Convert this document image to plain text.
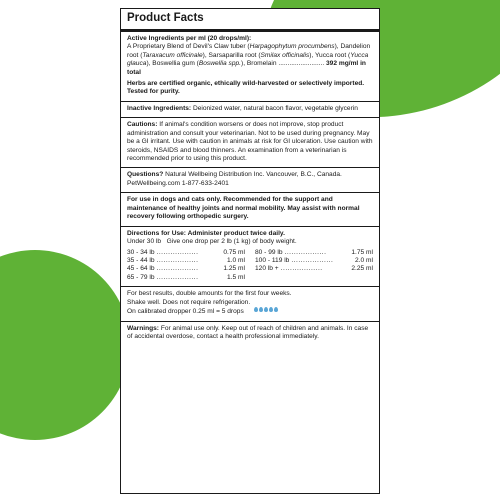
Product Facts
Active Ingredients per ml (20 drops/ml):

A Proprietary Blend of Devil's Claw tuber (Harpagophytum procumbens), Dandelion root (Taraxacum officinale), Sarsaparilla root (Smilax officinalis), Yucca root (Yucca glauca), Boswellia gum (Boswellia spp.), Bromelain ......................... 392 mg/ml in total

Herbs are certified organic, ethically wild-harvested or selectively imported. Tested for purity.

Inactive Ingredients: Deionized water, natural bacon flavor, vegetable glycerin

Cautions: If animal's condition worsens or does not improve, stop product administration and consult your veterinarian. Not to be used during pregnancy. May be a GI irritant. Use with caution in animals at risk for GI ulceration. Use caution with steroids, NSAIDS and blood thinners. An examination from a veterinarian is recommended prior to using this product.

Questions? Natural Wellbeing Distribution Inc. Vancouver, B.C., Canada.
PetWellbeing.com 1-877-633-2401

For use in dogs and cats only. Recommended for the support and maintenance of healthy joints and normal mobility. May assist with normal recovery following orthopedic surgery.

Directions for Use: Administer product twice daily.
Under 30 lb Give one drop per 2 lb (1 kg) of body weight.
30 - 34 lb ..................	0.75 ml
35 - 44 lb ..................	1.0 ml
45 - 64 lb ..................	1.25 ml
65 - 79 lb ..................	1.5 ml
80 - 99 lb ..................	1.75 ml
100 - 119 lb ..................	2.0 ml
120 lb + ..................	2.25 ml
For best results, double amounts for the first four weeks.
Shake well. Does not require refrigeration.
On calibrated dropper 0.25 ml = 5 drops

Warnings: For animal use only. Keep out of reach of children and animals. In case of accidental overdose, contact a health professional immediately.
